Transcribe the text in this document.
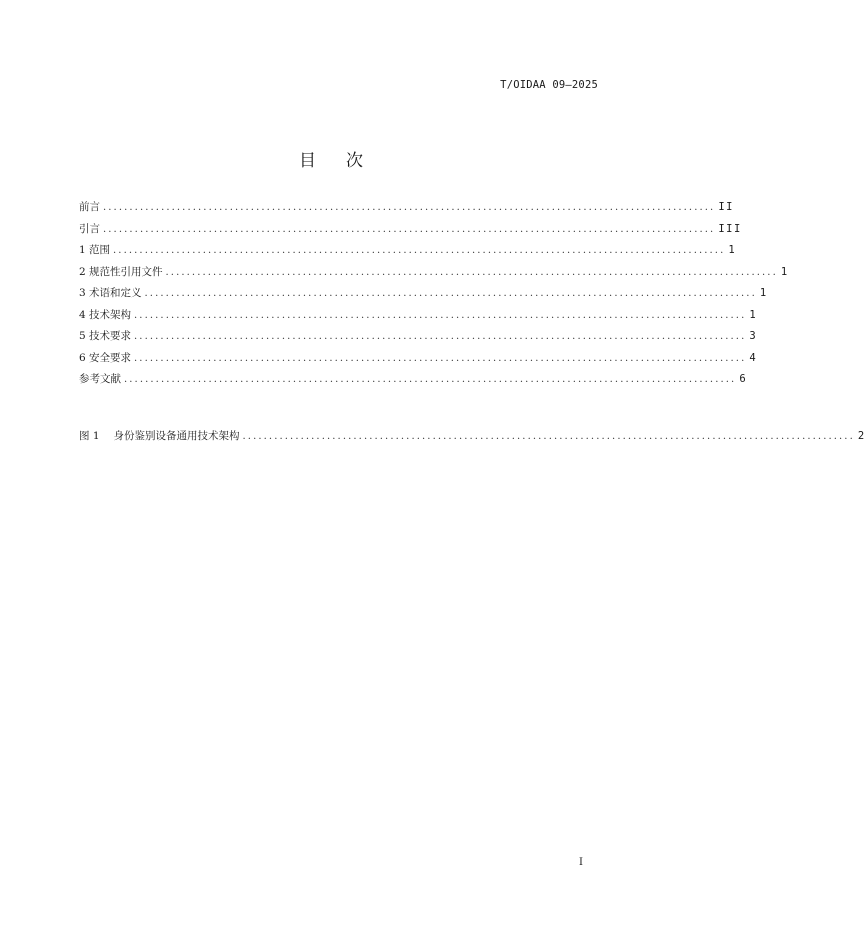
T/OIDAA 09—2025
目次
前言 .................................................................................................................... II
引言 .................................................................................................................... III
1
范围 .................................................................................................................... 1
2
规范性引用文件 .................................................................................................................... 1
3
术语和定义 .................................................................................................................... 1
4
技术架构 .................................................................................................................... 1
5
技术要求 .................................................................................................................... 3
6
安全要求 .................................................................................................................... 4
参考文献 .................................................................................................................... 6
图 1 身份鉴别设备通用技术架构 .................................................................................................................... 2
I
